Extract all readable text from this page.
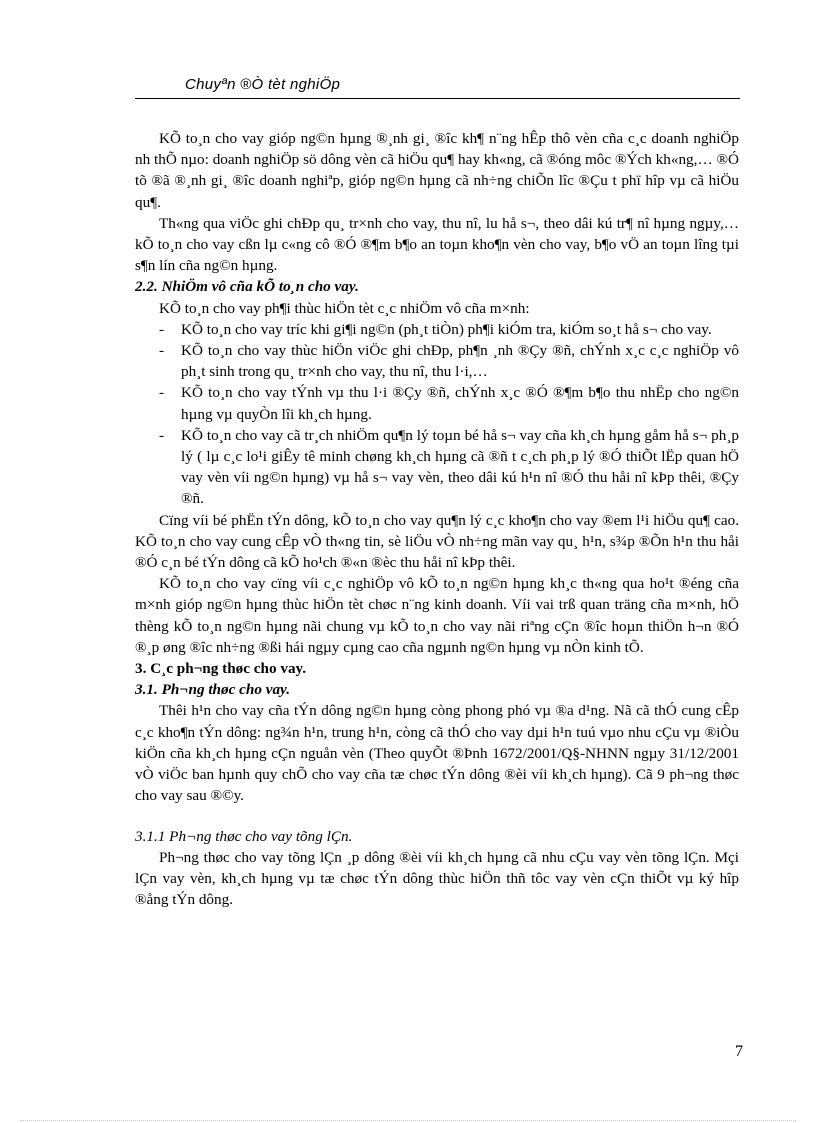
Chuyªn ®Ò tèt nghiÖp

KÕ to¸n cho vay gióp ng©n hµng ®¸nh gi¸ ®îc kh¶ n¨ng hÊp thô vèn cña c¸c doanh nghiÖp nh thÕ nµo: doanh nghiÖp sö dông vèn cã hiÖu qu¶ hay kh«ng, cã ®óng môc ®Ých kh«ng,… ®Ó tõ ®ã ®¸nh gi¸ ®îc doanh nghiªp, gióp ng©n hµng cã nh÷ng chiÕn lîc ®Çu t phï hîp vµ cã hiÖu qu¶.

Th«ng qua viÖc ghi chÐp qu¸ tr×nh cho vay, thu nî, lu hå s¬, theo dâi kú tr¶ nî hµng ngµy,… kÕ to¸n cho vay cßn lµ c«ng cô ®Ó ®¶m b¶o an toµn kho¶n vèn cho vay, b¶o vÖ an toµn lîng tµi s¶n lín cña ng©n hµng.

2.2. NhiÖm vô cña kÕ to¸n cho vay.

KÕ to¸n cho vay ph¶i thùc hiÖn tèt c¸c nhiÖm vô cña m×nh:

- KÕ to¸n cho vay tríc khi gi¶i ng©n (ph¸t tiÒn) ph¶i kiÓm tra, kiÓm so¸t hå s¬ cho vay.
- KÕ to¸n cho vay thùc hiÖn viÖc ghi chÐp, ph¶n ¸nh ®Çy ®ñ, chÝnh x¸c c¸c nghiÖp vô ph¸t sinh trong qu¸ tr×nh cho vay, thu nî, thu l·i,…
- KÕ to¸n cho vay tÝnh vµ thu l·i ®Çy ®ñ, chÝnh x¸c ®Ó ®¶m b¶o thu nhËp cho ng©n hµng vµ quyÒn lîi kh¸ch hµng.
- KÕ to¸n cho vay cã tr¸ch nhiÖm qu¶n lý toµn bé hå s¬ vay cña kh¸ch hµng gåm hå s¬ ph¸p lý ( lµ c¸c lo¹i giÊy tê minh chøng kh¸ch hµng cã ®ñ t c¸ch ph¸p lý ®Ó thiÕt lËp quan hÖ vay vèn víi ng©n hµng) vµ hå s¬ vay vèn, theo dâi kú h¹n nî ®Ó thu håi nî kÞp thêi, ®Çy ®ñ.

Cïng víi bé phËn tÝn dông, kÕ to¸n cho vay qu¶n lý c¸c kho¶n cho vay ®em l¹i hiÖu qu¶ cao. KÕ to¸n cho vay cung cÊp vÒ th«ng tin, sè liÖu vÒ nh÷ng mãn vay qu¸ h¹n, s¾p ®Õn h¹n thu håi ®Ó c¸n bé tÝn dông cã kÕ ho¹ch ®«n ®èc thu håi nî kÞp thêi.

KÕ to¸n cho vay cïng víi c¸c nghiÖp vô kÕ to¸n ng©n hµng kh¸c th«ng qua ho¹t ®éng cña m×nh gióp ng©n hµng thùc hiÖn tèt chøc n¨ng kinh doanh. Víi vai trß quan träng cña m×nh, hÖ thèng kÕ to¸n ng©n hµng nãi chung vµ kÕ to¸n cho vay nãi riªng cÇn ®îc hoµn thiÖn h¬n ®Ó ®¸p øng ®îc nh÷ng ®ßi hái ngµy cµng cao cña ngµnh ng©n hµng vµ nÒn kinh tÕ.

3. C¸c ph¬ng thøc cho vay.

3.1. Ph¬ng thøc cho vay.

Thêi h¹n cho vay cña tÝn dông ng©n hµng còng phong phó vµ ®a d¹ng. Nã cã thÓ cung cÊp c¸c kho¶n tÝn dông: ng¾n h¹n, trung h¹n, còng cã thÓ cho vay dµi h¹n tuú vµo nhu cÇu vµ ®iÒu kiÖn cña kh¸ch hµng cÇn nguån vèn (Theo quyÕt ®Þnh 1672/2001/Q§-NHNN ngµy 31/12/2001 vÒ viÖc ban hµnh quy chÕ cho vay cña tæ chøc tÝn dông ®èi víi kh¸ch hµng). Cã 9 ph¬ng thøc cho vay sau ®©y.

3.1.1 Ph¬ng thøc cho vay tõng lÇn.

Ph¬ng thøc cho vay tõng lÇn ¸p dông ®èi víi kh¸ch hµng cã nhu cÇu vay vèn tõng lÇn. Mçi lÇn vay vèn, kh¸ch hµng vµ tæ chøc tÝn dông thùc hiÖn thñ tôc vay vèn cÇn thiÕt vµ ký hîp ®ång tÝn dông.

7
